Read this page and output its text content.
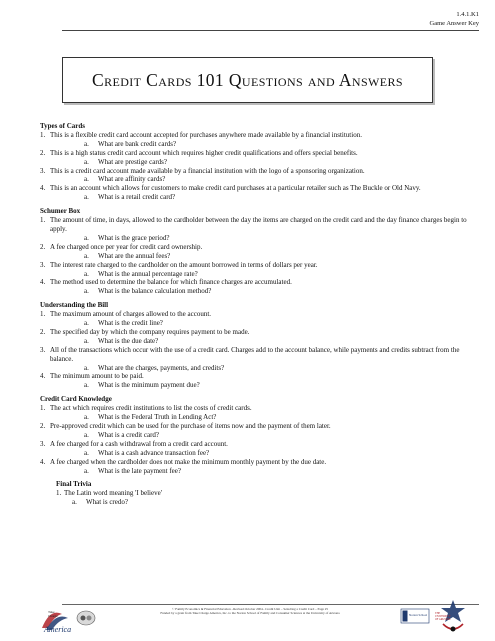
1.4.1.K1
Game Answer Key
Credit Cards 101 Questions and Answers
Types of Cards
1. This is a flexible credit card account accepted for purchases anywhere made available by a financial institution.
a.	What are bank credit cards?
2. This is a high status credit card account which requires higher credit qualifications and offers special benefits.
a.	What are prestige cards?
3. This is a credit card account made available by a financial institution with the logo of a sponsoring organization.
a.	What are affinity cards?
4. This is an account which allows for customers to make credit card purchases at a particular retailer such as The Buckle or Old Navy.
a.	What is a retail credit card?
Schumer Box
1. The amount of time, in days, allowed to the cardholder between the day the items are charged on the credit card and the day finance charges begin to apply.
a.	What is the grace period?
2. A fee charged once per year for credit card ownership.
a.	What are the annual fees?
3. The interest rate charged to the cardholder on the amount borrowed in terms of dollars per year.
a.	What is the annual percentage rate?
4. The method used to determine the balance for which finance charges are accumulated.
a.	What is the balance calculation method?
Understanding the Bill
1. The maximum amount of charges allowed to the account.
a.	What is the credit line?
2. The specified day by which the company requires payment to be made.
a.	What is the due date?
3. All of the transactions which occur with the use of a credit card. Charges add to the account balance, while payments and credits subtract from the balance.
a.	What are the charges, payments, and credits?
4. The minimum amount to be paid.
a.	What is the minimum payment due?
Credit Card Knowledge
1. The act which requires credit institutions to list the costs of credit cards.
a.	What is the Federal Truth in Lending Act?
2. Pre-approved credit which can be used for the purchase of items now and the payment of them later.
a.	What is a credit card?
3. A fee charged for a cash withdrawal from a credit card account.
a.	What is a cash advance transaction fee?
4. A fee charged when the cardholder does not make the minimum monthly payment by the due date.
a.	What is the late payment fee?
Final Trivia
1. The Latin word meaning 'I believe'
a.	What is credo?
© Family Economics & Financial Education –Revised October 2004– Credit Unit – Selecting a Credit Card – Page 25
Funded by a grant from Take Charge America, Inc. to the Norton School of Family and Consumer Sciences at the University of Arizona
Take
Charge
America
Norton School	THE UNIVERSITY OF ARIZONA
